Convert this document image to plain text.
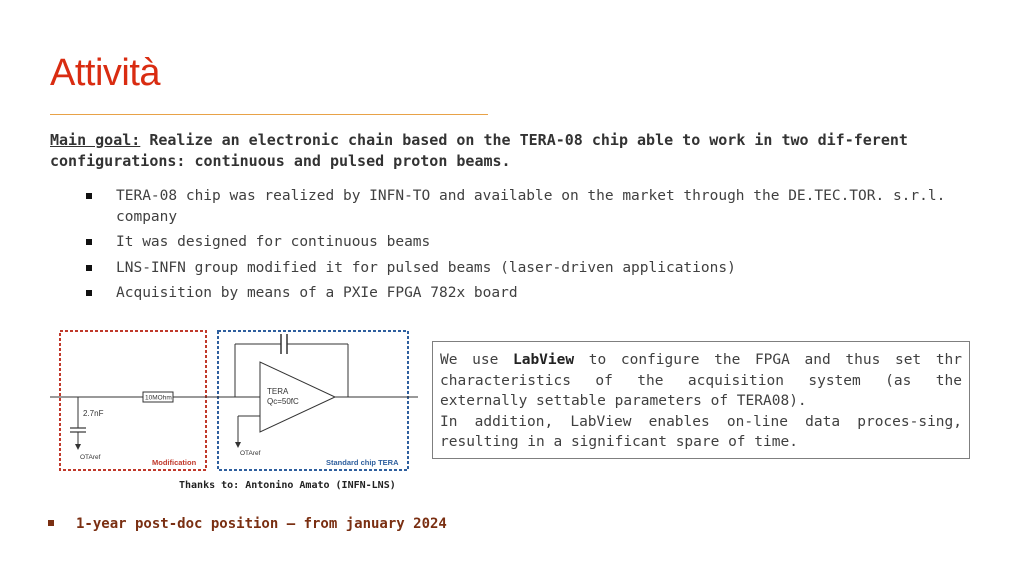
Attività
Main goal: Realize an electronic chain based on the TERA-08 chip able to work in two dif-ferent configurations: continuous and pulsed proton beams.
TERA-08 chip was realized by INFN-TO and available on the market through the DE.TEC.TOR. s.r.l. company
It was designed for continuous beams
LNS-INFN group modified it for pulsed beams (laser-driven applications)
Acquisition by means of a PXIe FPGA 782x board
10MOhm
2.7nF
OTAref
TERA
Qc=50fC
OTAref
Modification	Standard chip TERA
Thanks to: Antonino Amato (INFN-LNS)
We use LabView to configure the FPGA and thus set thr characteristics of the acquisition system (as the externally settable parameters of TERA08).
In addition, LabView enables on-line data proces-sing, resulting in a significant spare of time.
1-year post-doc position – from january 2024
